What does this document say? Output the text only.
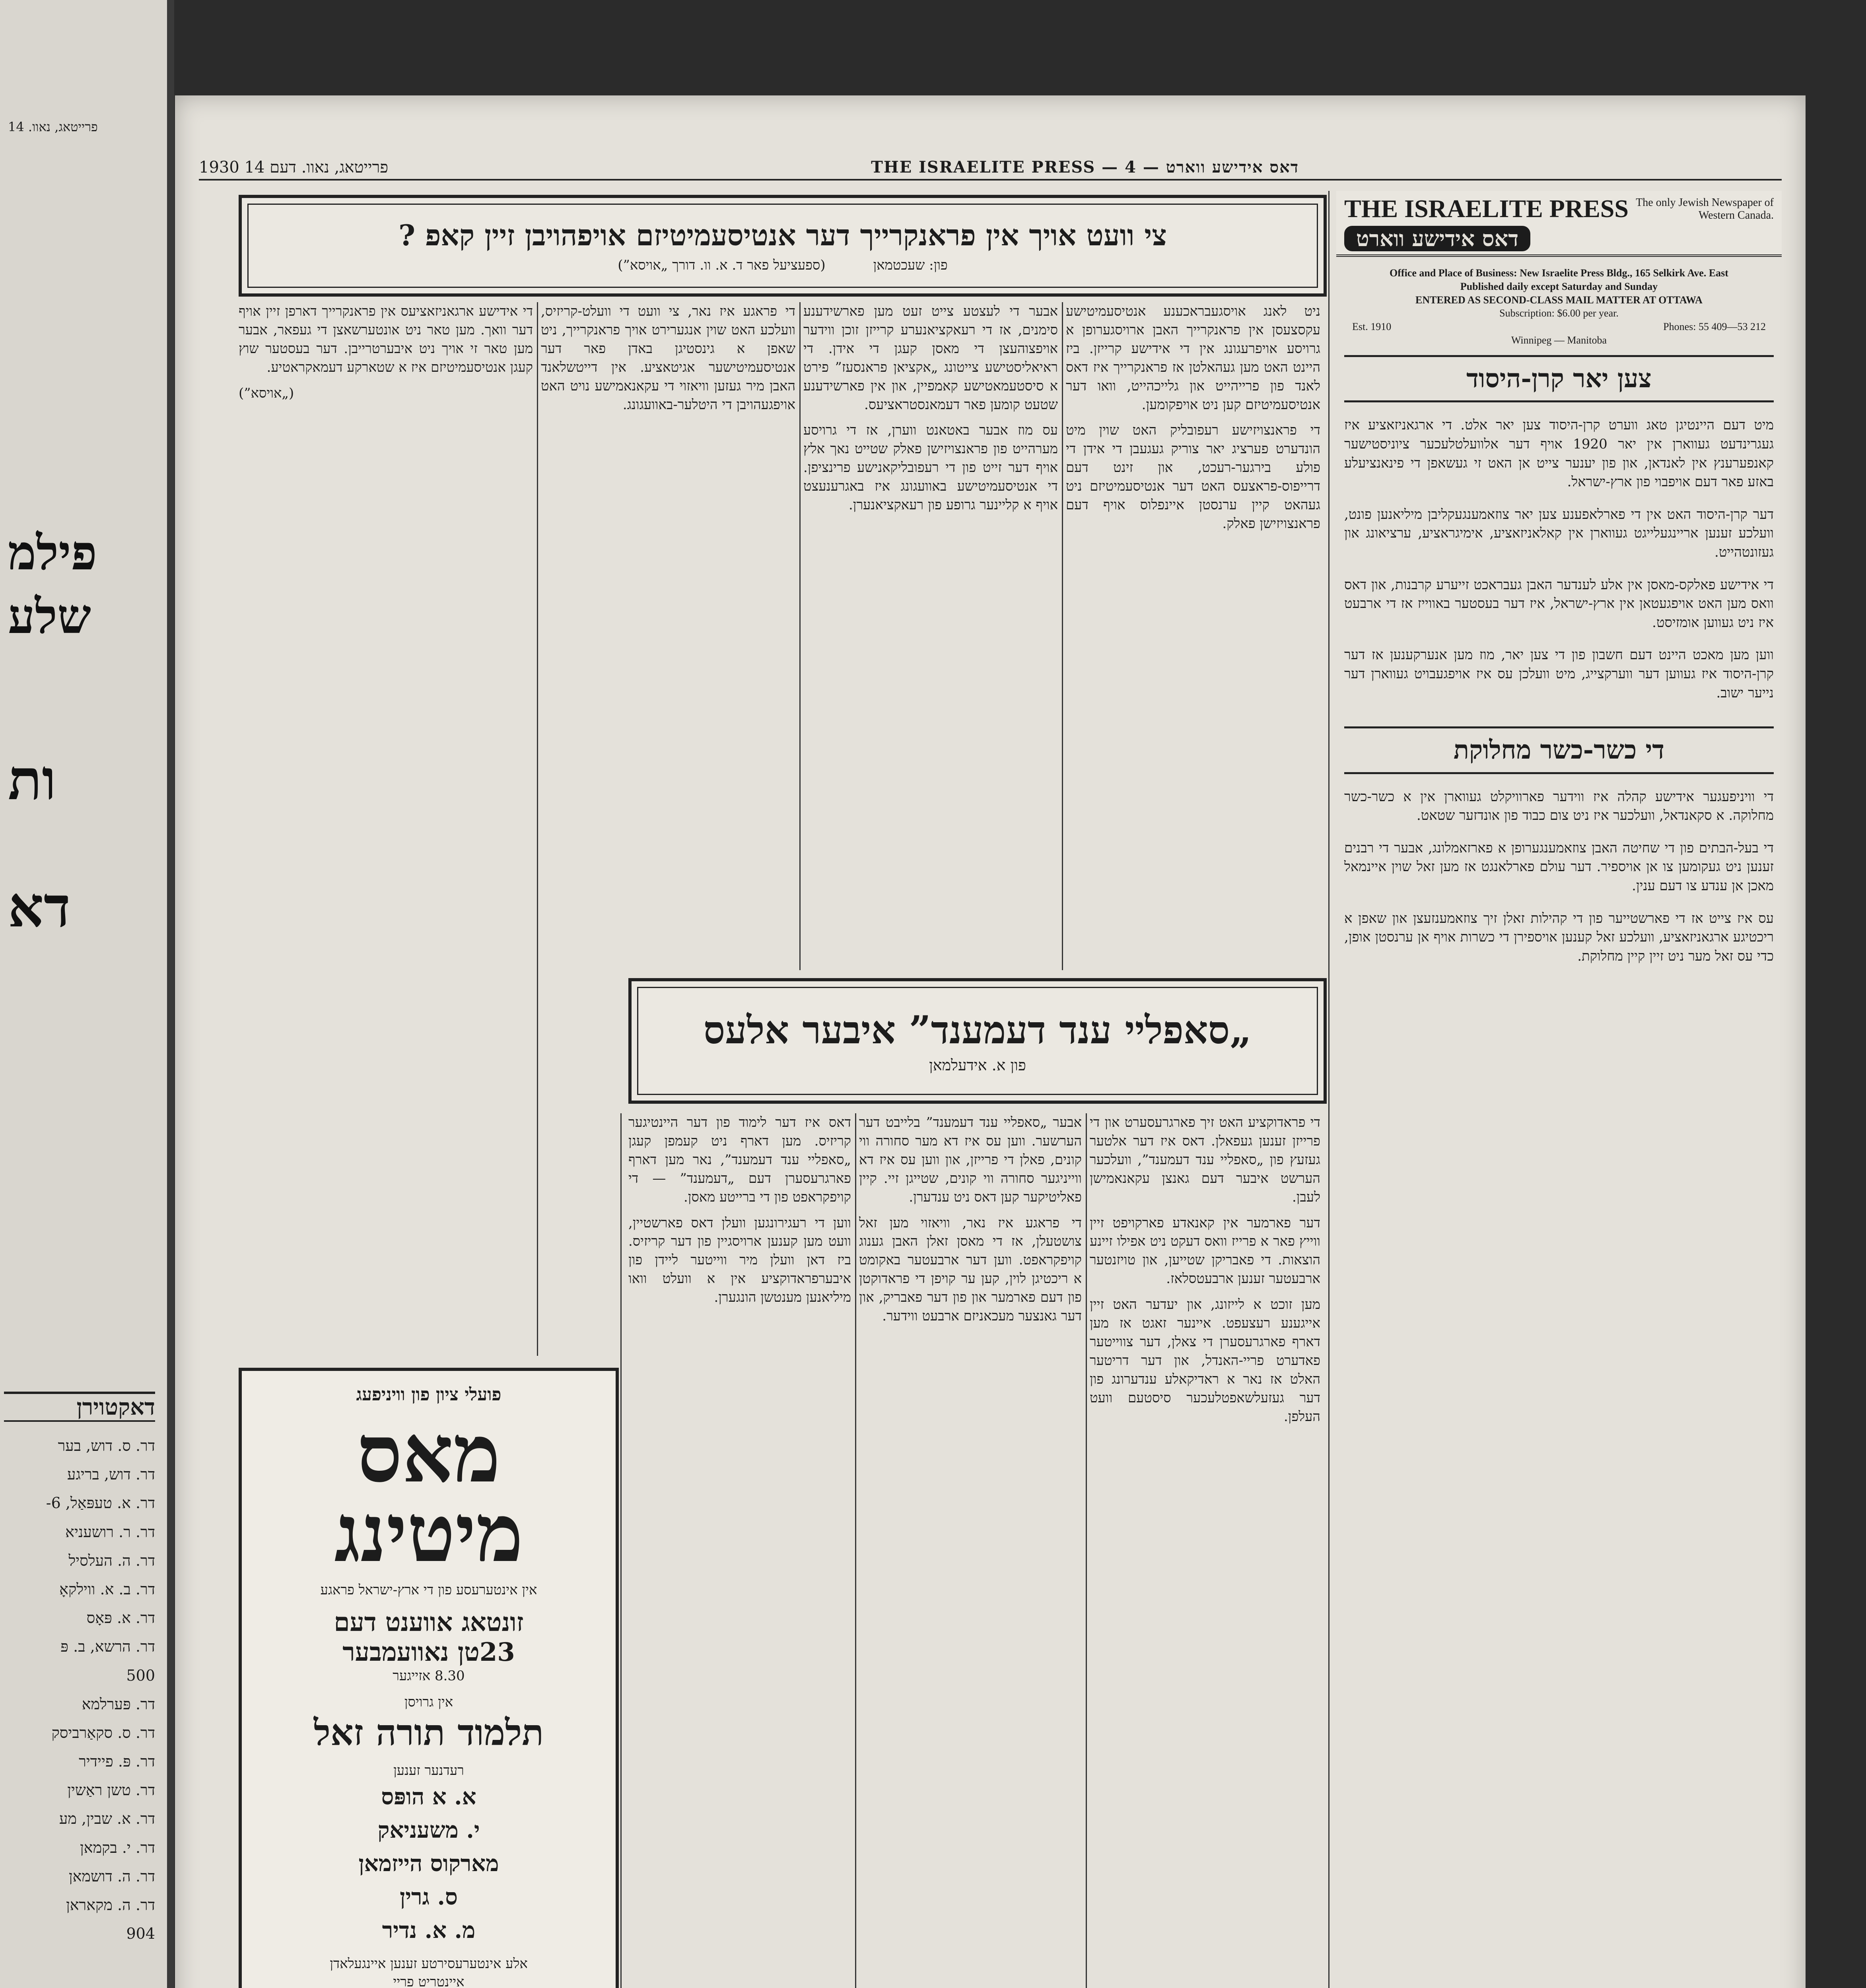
פרייטאג, נאוו. 14
פילמ
שלע
ות
דא
דאקטוירן
דר. ס. דוש, בער
דר. דוש, בריגע
דר. א. טעפּאַל, 6-
דר. ר. רושעניא
דר. ה. העלסיל
דר. ב. א. ווילקאָ
דר. א. פּאָס
דר. הרשא, ב. פּ
500
דר. פּערלמא
דר. ס. סקאַרביסק
דר. פּ. פיידיר
דר. טשן ראַשין
דר. א. שבין, מע
דר. י. בקמאן
דר. ה. דושמאן
דר. ה. מקאראן
904
1930 פרייטאג, נאוו. דעם 14	THE ISRAELITE PRESS — 4 — דאס אידישע ווארט
צי וועט אויך אין פראנקרייך דער אנטיסעמיטיזם אויפהויבן זיין קאפ ?
פון: שעכטמאן
(ספעציעל פאר ד. א. וו. דורך „אויסא”)

ניט לאנג אויסגעבראכענע אנטיסעמיטישע עקסצעסן אין פראנקרייך האבן ארויסגערופן א גרויסע אויפרעגונג אין די אידישע קרייזן. ביז היינט האט מען געהאלטן אז פראנקרייך איז דאס לאנד פון פרייהייט און גלייכהייט, וואו דער אנטיסעמיטיזם קען ניט אויפקומען.

די פראנצויזישע רעפובליק האט שוין מיט הונדערט פערציג יאר צוריק געגעבן די אידן די פולע בירגער-רעכט, און זינט דעם דרייפוס-פראצעס האט דער אנטיסעמיטיזם ניט געהאט קיין ערנסטן איינפלוס אויף דעם פראנצויזישן פאלק.

אבער די לעצטע צייט זעט מען פארשידענע סימנים, אז די רעאקציאנערע קרייזן זוכן ווידער אויפצוהעצן די מאסן קעגן די אידן. די ראיאליסטישע צייטונג „אקציאן פראנסעז” פירט א סיסטעמאטישע קאמפיין, און אין פארשידענע שטעט קומען פאר דעמאנסטראציעס.

עס מוז אבער באטאנט ווערן, אז די גרויסע מערהייט פון פראנצויזישן פאלק שטייט נאך אלץ אויף דער זייט פון די רעפובליקאנישע פרינציפן. די אנטיסעמיטישע באוועגונג איז באגרענעצט אויף א קליינער גרופע פון רעאקציאנערן.

די פראגע איז נאר, צי וועט די וועלט-קריזיס, וועלכע האט שוין אנגערירט אויך פראנקרייך, ניט שאפן א גינסטיגן באדן פאר דער אנטיסעמיטישער אגיטאציע. אין דייטשלאנד האבן מיר געזען וויאזוי די עקאנאמישע נויט האט אויפגעהויבן די היטלער-באוועגונג.

די אידישע ארגאניזאציעס אין פראנקרייך דארפן זיין אויף דער וואך. מען טאר ניט אונטערשאצן די געפאר, אבער מען טאר זי אויך ניט איבערטרייבן. דער בעסטער שוץ קעגן אנטיסעמיטיזם איז א שטארקע דעמאקראטיע.

(„אויסא”)

„סאפליי ענד דעמענד” איבער אלעס
פון א. אידעלמאן

די פראדוקציע האט זיך פארגרעסערט און די פרייזן זענען געפאלן. דאס איז דער אלטער געזעץ פון „סאפליי ענד דעמענד”, וועלכער הערשט איבער דעם גאנצן עקאנאמישן לעבן.

דער פארמער אין קאנאדע פארקויפט זיין ווייץ פאר א פרייז וואס דעקט ניט אפילו זיינע הוצאות. די פאבריקן שטייען, און טויזנטער ארבעטער זענען ארבעטסלאז.

מען זוכט א לייזונג, און יעדער האט זיין אייגענע רעצעפט. איינער זאגט אז מען דארף פארגרעסערן די צאלן, דער צווייטער פאדערט פריי-האנדל, און דער דריטער האלט אז נאר א ראדיקאלע ענדערונג פון דער געזעלשאפטלעכער סיסטעם וועט העלפן.

אבער „סאפליי ענד דעמענד” בלייבט דער הערשער. ווען עס איז דא מער סחורה ווי קונים, פאלן די פרייזן, און ווען עס איז דא ווייניגער סחורה ווי קונים, שטייגן זיי. קיין פאליטיקער קען דאס ניט ענדערן.

די פראגע איז נאר, וויאזוי מען זאל צושטעלן, אז די מאסן זאלן האבן גענוג קויפקראפט. ווען דער ארבעטער באקומט א ריכטיגן לוין, קען ער קויפן די פראדוקטן פון דעם פארמער און פון דער פאבריק, און דער גאנצער מעכאניזם ארבעט ווידער.

דאס איז דער לימוד פון דער היינטיגער קריזיס. מען דארף ניט קעמפן קעגן „סאפליי ענד דעמענד”, נאר מען דארף פארגרעסערן דעם „דעמענד” — די קויפקראפט פון די ברייטע מאסן.

ווען די רעגירונגען וועלן דאס פארשטיין, וועט מען קענען ארויסגיין פון דער קריזיס. ביז דאן וועלן מיר ווייטער ליידן פון איבערפראדוקציע אין א וועלט וואו מיליאנען מענטשן הונגערן.

פועלי ציון פון וויניפעג
מאס
מיטינג
אין אינטערעסע פון די ארץ-ישראל פראגע
זונטאג אווענט דעם
23טן נאוועמבער
8.30 אזייגער
אין גרויסן
תלמוד תורה זאל
רעדנער זענען
א. א הופּס
י. משעניאק
מארקוס הייזמאן
ס. גרין
מ. א. נדיר
אלע אינטערעסירטע זענען איינגעלאדן
איינטריט פריי
THE ISRAELITE PRESS The only Jewish Newspaper of Western Canada.
דאס אידישע ווארט
Office and Place of Business: New Israelite Press Bldg., 165 Selkirk Ave. East
Published daily except Saturday and Sunday
ENTERED AS SECOND-CLASS MAIL MATTER AT OTTAWA
Subscription: $6.00 per year.
Est. 1910	Phones: 55 409—53 212
Winnipeg — Manitoba
צען יאר קרן-היסוד

מיט דעם היינטיגן טאג ווערט קרן-היסוד צען יאר אלט. די ארגאניזאציע איז געגרינדעט געווארן אין יאר 1920 אויף דער אלוועלטלעכער ציוניסטישער קאנפערענץ אין לאנדאן, און פון יענער צייט אן האט זי געשאפן די פינאנציעלע באזע פאר דעם אויפבוי פון ארץ-ישראל.

דער קרן-היסוד האט אין די פארלאפענע צען יאר צוזאמענגעקליבן מיליאנען פונט, וועלכע זענען אריינגעלייגט געווארן אין קאלאניזאציע, אימיגראציע, ערציאונג און געזונטהייט.

די אידישע פאלקס-מאסן אין אלע לענדער האבן געבראכט זייערע קרבנות, און דאס וואס מען האט אויפגעטאן אין ארץ-ישראל, איז דער בעסטער באווייז אז די ארבעט איז ניט געווען אומזיסט.

ווען מען מאכט היינט דעם חשבון פון די צען יאר, מוז מען אנערקענען אז דער קרן-היסוד איז געווען דער ווערקצייג, מיט וועלכן עס איז אויפגעבויט געווארן דער נייער ישוב.

די כשר-כשר מחלוקת

די וויניפעגער אידישע קהלה איז ווידער פארוויקלט געווארן אין א כשר-כשר מחלוקה. א סקאנדאל, וועלכער איז ניט צום כבוד פון אונדזער שטאט.

די בעל-הבתים פון די שחיטה האבן צוזאמענגערופן א פארזאמלונג, אבער די רבנים זענען ניט געקומען צו אן אויספיר. דער עולם פארלאנגט אז מען זאל שוין איינמאל מאכן אן ענדע צו דעם ענין.

עס איז צייט אז די פארשטייער פון די קהילות זאלן זיך צוזאמענזעצן און שאפן א ריכטיגע ארגאניזאציע, וועלכע זאל קענען אויספירן די כשרות אויף אן ערנסטן אופן, כדי עס זאל מער ניט זיין קיין מחלוקת.
